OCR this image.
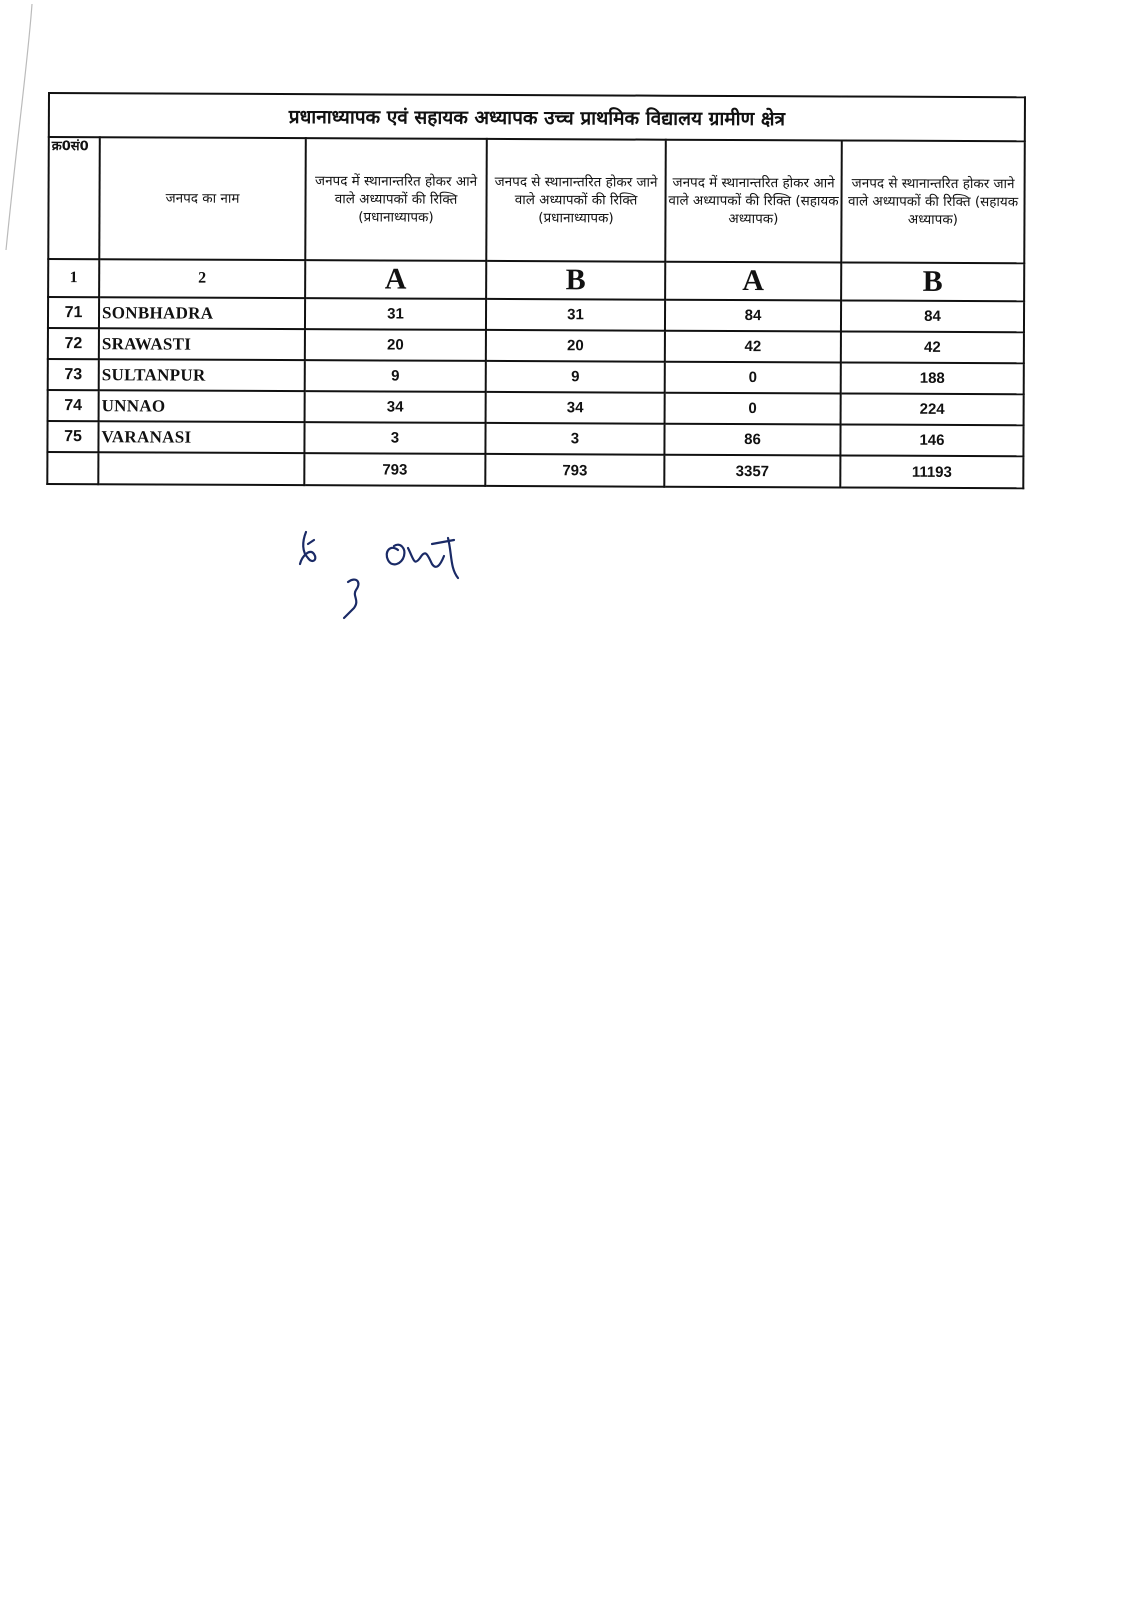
प्रधानाध्यापक एवं सहायक अध्यापक उच्च प्राथमिक विद्यालय ग्रामीण क्षेत्र					
क्र0सं0	जनपद का नाम	जनपद में स्थानान्तरित होकर आने वाले अध्यापकों की रिक्ति (प्रधानाध्यापक)	जनपद से स्थानान्तरित होकर जाने वाले अध्यापकों की रिक्ति (प्रधानाध्यापक)	जनपद में स्थानान्तरित होकर आने वाले अध्यापकों की रिक्ति (सहायक अध्यापक)	जनपद से स्थानान्तरित होकर जाने वाले अध्यापकों की रिक्ति (सहायक अध्यापक)
1	2	A	B	A	B
71	SONBHADRA	31	31	84	84
72	SRAWASTI	20	20	42	42
73	SULTANPUR	9	9	0	188
74	UNNAO	34	34	0	224
75	VARANASI	3	3	86	146
		793	793	3357	11193
